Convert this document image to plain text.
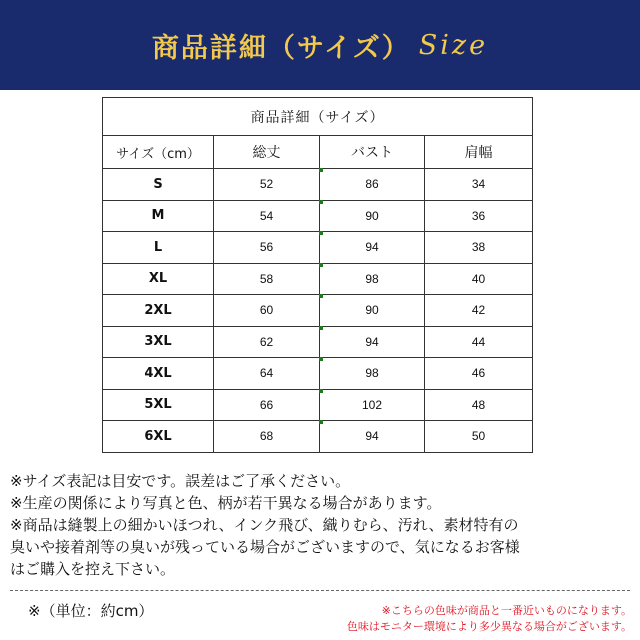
商品詳細（サイズ） Size
商品詳細（サイズ）			
サイズ（cm）	総丈	バスト	肩幅
S	52	86	34
M	54	90	36
L	56	94	38
XL	58	98	40
2XL	60	90	42
3XL	62	94	44
4XL	64	98	46
5XL	66	102	48
6XL	68	94	50

※サイズ表記は目安です。誤差はご了承ください。

※生産の関係により写真と色、柄が若干異なる場合があります。

※商品は縫製上の細かいほつれ、インク飛び、織りむら、汚れ、素材特有の

臭いや接着剤等の臭いが残っている場合がございますので、気になるお客様

はご購入を控え下さい。

※（単位：約cm）	※こちらの色味が商品と一番近いものになります。

色味はモニター環境により多少異なる場合がございます。
